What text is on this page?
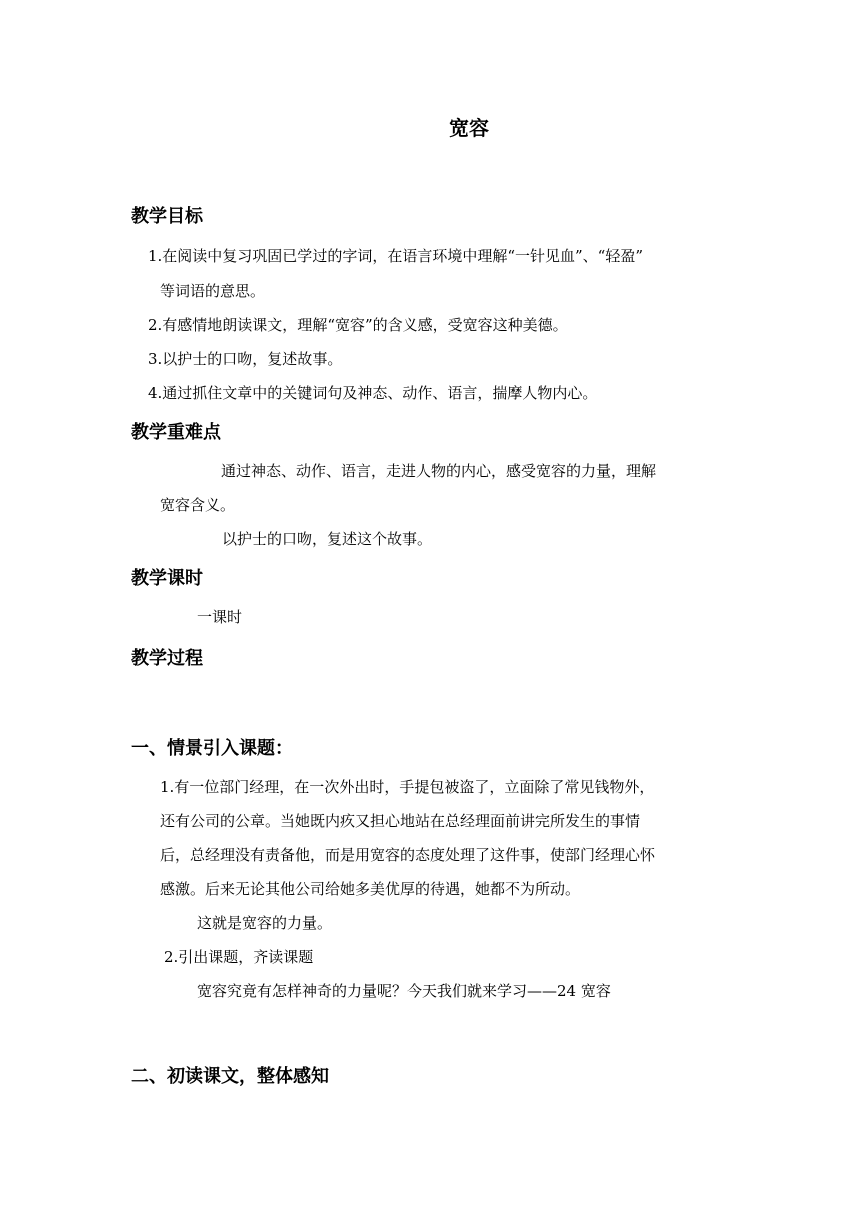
宽容
教学目标
1.在阅读中复习巩固已学过的字词，在语言环境中理解“一针见血”、“轻盈”
等词语的意思。
2.有感情地朗读课文，理解“宽容”的含义感，受宽容这种美德。
3.以护士的口吻，复述故事。
4.通过抓住文章中的关键词句及神态、动作、语言，揣摩人物内心。
教学重难点
通过神态、动作、语言，走进人物的内心，感受宽容的力量，理解
宽容含义。
以护士的口吻，复述这个故事。
教学课时
一课时
教学过程
一、情景引入课题：
1.有一位部门经理，在一次外出时，手提包被盗了，立面除了常见钱物外，
还有公司的公章。当她既内疚又担心地站在总经理面前讲完所发生的事情
后，总经理没有责备他，而是用宽容的态度处理了这件事，使部门经理心怀
感激。后来无论其他公司给她多美优厚的待遇，她都不为所动。
这就是宽容的力量。
2.引出课题，齐读课题
宽容究竟有怎样神奇的力量呢？今天我们就来学习——24 宽容
二、初读课文，整体感知
